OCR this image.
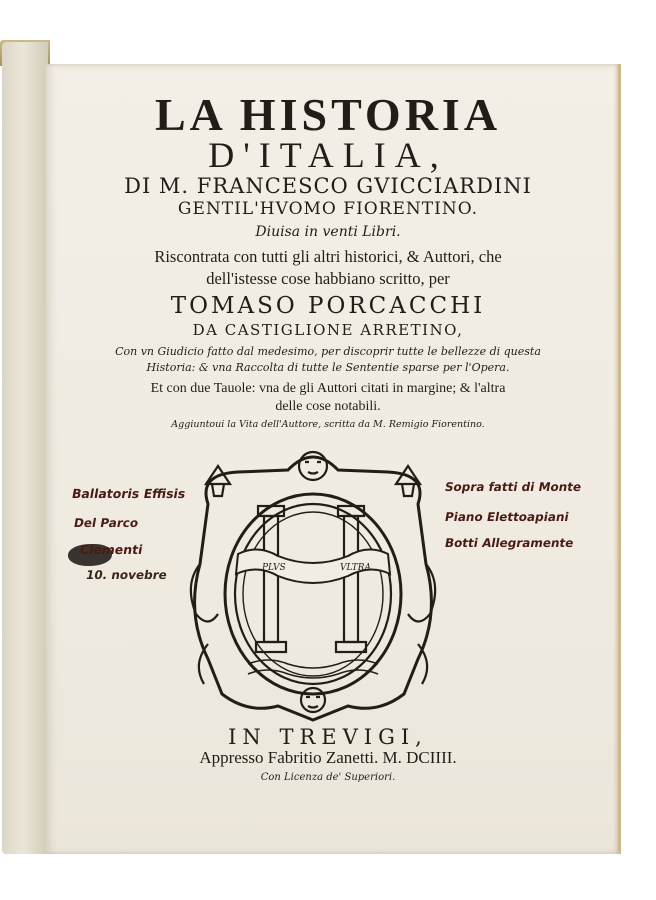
LA HISTORIA
D'ITALIA,
DI M. FRANCESCO GVICCIARDINI
GENTIL'HVOMO FIORENTINO.
Diuisa in venti Libri.
Riscontrata con tutti gli altri historici, & Auttori, che
dell'istesse cose habbiano scritto, per
TOMASO PORCACCHI
DA CASTIGLIONE ARRETINO,
Con vn Giudicio fatto dal medesimo, per discoprir tutte le bellezze di questa
Historia: & vna Raccolta di tutte le Sententie sparse per l'Opera.
Et con due Tauole: vna de gli Auttori citati in margine; & l'altra
delle cose notabili.
Aggiuntoui la Vita dell'Auttore, scritta da M. Remigio Fiorentino.
PLVS	VLTRA
Ballatoris Effisis
Del Parco
Clementi
10. novebre
Sopra fatti di Monte
Piano Elettoapiani
Botti Allegramente
IN TREVIGI,
Appresso Fabritio Zanetti. M. DCIIII.
Con Licenza de' Superiori.
